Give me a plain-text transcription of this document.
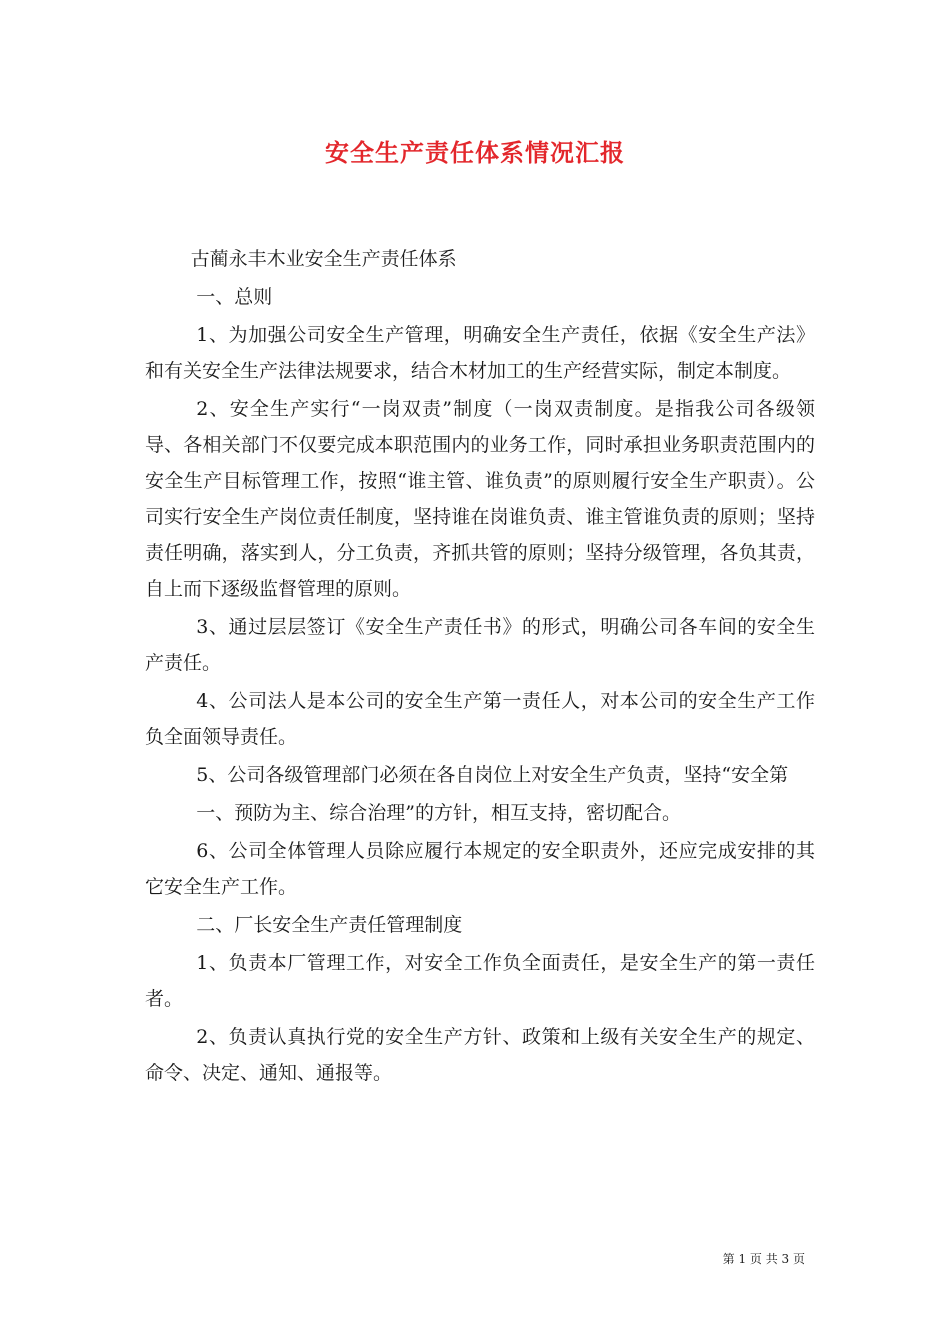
安全生产责任体系情况汇报

古蔺永丰木业安全生产责任体系

一、总则

1、为加强公司安全生产管理，明确安全生产责任，依据《安全生产法》和有关安全生产法律法规要求，结合木材加工的生产经营实际，制定本制度。

2、安全生产实行“一岗双责”制度（一岗双责制度。是指我公司各级领导、各相关部门不仅要完成本职范围内的业务工作，同时承担业务职责范围内的安全生产目标管理工作，按照“谁主管、谁负责”的原则履行安全生产职责）。公司实行安全生产岗位责任制度，坚持谁在岗谁负责、谁主管谁负责的原则；坚持责任明确，落实到人，分工负责，齐抓共管的原则；坚持分级管理，各负其责，自上而下逐级监督管理的原则。

3、通过层层签订《安全生产责任书》的形式，明确公司各车间的安全生产责任。

4、公司法人是本公司的安全生产第一责任人，对本公司的安全生产工作负全面领导责任。

5、公司各级管理部门必须在各自岗位上对安全生产负责，坚持“安全第

一、预防为主、综合治理”的方针，相互支持，密切配合。

6、公司全体管理人员除应履行本规定的安全职责外，还应完成安排的其它安全生产工作。

二、厂长安全生产责任管理制度

1、负责本厂管理工作，对安全工作负全面责任，是安全生产的第一责任者。

2、负责认真执行党的安全生产方针、政策和上级有关安全生产的规定、命令、决定、通知、通报等。

第 1 页 共 3 页
